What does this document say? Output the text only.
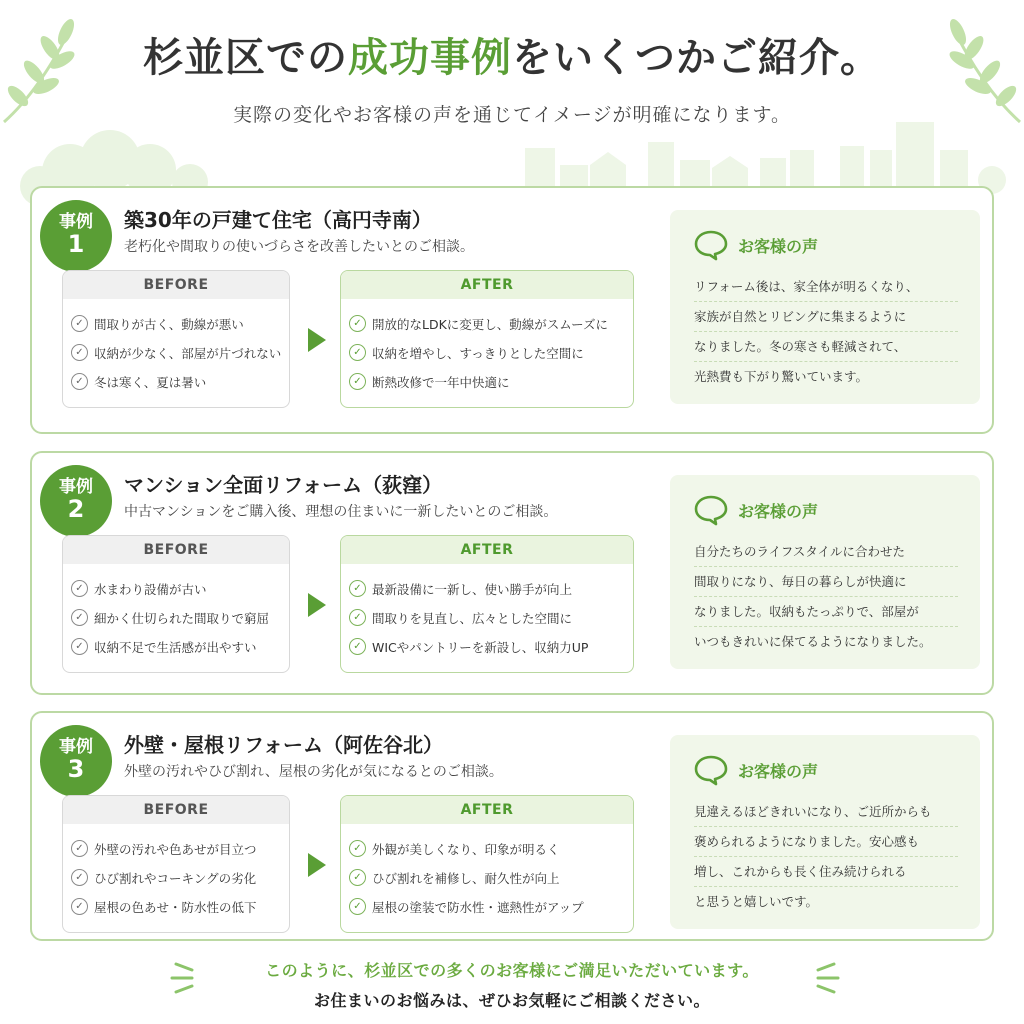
杉並区での成功事例をいくつかご紹介。

実際の変化やお客様の声を通じてイメージが明確になります。

事例
1
築30年の戸建て住宅（高円寺南）
老朽化や間取りの使いづらさを改善したいとのご相談。
BEFORE
✓ 間取りが古く、動線が悪い
✓ 収納が少なく、部屋が片づれない
✓ 冬は寒く、夏は暑い
AFTER
✓ 開放的なLDKに変更し、動線がスムーズに
✓ 収納を増やし、すっきりとした空間に
✓ 断熱改修で一年中快適に
お客様の声
リフォーム後は、家全体が明るくなり、
家族が自然とリビングに集まるように
なりました。冬の寒さも軽減されて、
光熱費も下がり驚いています。
事例
2
マンション全面リフォーム（荻窪）
中古マンションをご購入後、理想の住まいに一新したいとのご相談。
BEFORE
✓ 水まわり設備が古い
✓ 細かく仕切られた間取りで窮屈
✓ 収納不足で生活感が出やすい
AFTER
✓ 最新設備に一新し、使い勝手が向上
✓ 間取りを見直し、広々とした空間に
✓ WICやパントリーを新設し、収納力UP
お客様の声
自分たちのライフスタイルに合わせた
間取りになり、毎日の暮らしが快適に
なりました。収納もたっぷりで、部屋が
いつもきれいに保てるようになりました。
事例
3
外壁・屋根リフォーム（阿佐谷北）
外壁の汚れやひび割れ、屋根の劣化が気になるとのご相談。
BEFORE
✓ 外壁の汚れや色あせが目立つ
✓ ひび割れやコーキングの劣化
✓ 屋根の色あせ・防水性の低下
AFTER
✓ 外観が美しくなり、印象が明るく
✓ ひび割れを補修し、耐久性が向上
✓ 屋根の塗装で防水性・遮熱性がアップ
お客様の声
見違えるほどきれいになり、ご近所からも
褒められるようになりました。安心感も
増し、これからも長く住み続けられる
と思うと嬉しいです。

このように、杉並区での多くのお客様にご満足いただいています。

お住まいのお悩みは、ぜひお気軽にご相談ください。
